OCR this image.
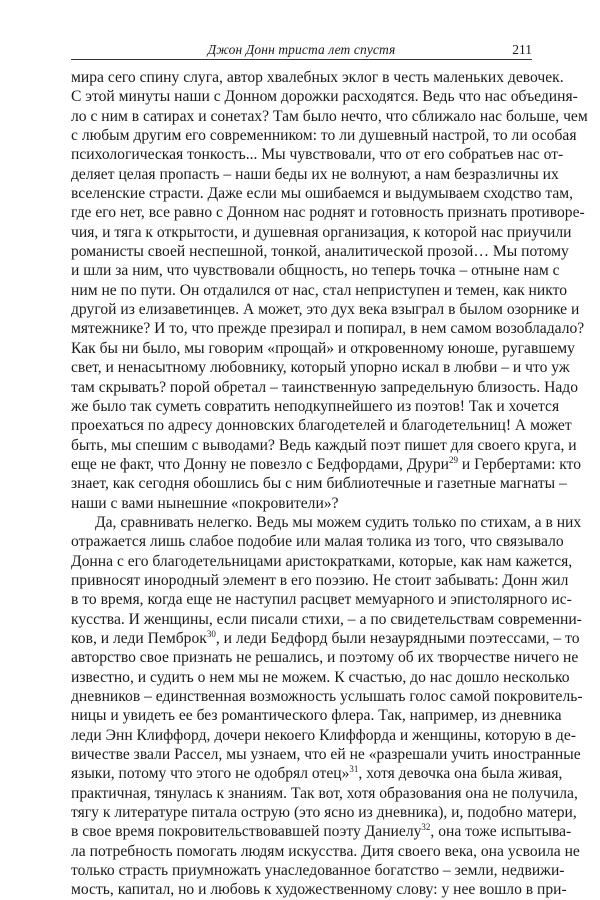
Джон Донн триста лет спустя	211
мира сего спину слуга, автор хвалебных эклог в честь маленьких девочек.
С этой минуты наши с Донном дорожки расходятся. Ведь что нас объединя-
ло с ним в сатирах и сонетах? Там было нечто, что сближало нас больше, чем
с любым другим его современником: то ли душевный настрой, то ли особая
психологическая тонкость... Мы чувствовали, что от его собратьев нас от-
деляет целая пропасть – наши беды их не волнуют, а нам безразличны их
вселенские страсти. Даже если мы ошибаемся и выдумываем сходство там,
где его нет, все равно с Донном нас роднят и готовность признать противоре-
чия, и тяга к открытости, и душевная организация, к которой нас приучили
романисты своей неспешной, тонкой, аналитической прозой… Мы потому
и шли за ним, что чувствовали общность, но теперь точка – отныне нам с
ним не по пути. Он отдалился от нас, стал неприступен и темен, как никто
другой из елизаветинцев. А может, это дух века взыграл в былом озорнике и
мятежнике? И то, что прежде презирал и попирал, в нем самом возобладало?
Как бы ни было, мы говорим «прощай» и откровенному юноше, ругавшему
свет, и ненасытному любовнику, который упорно искал в любви – и что уж
там скрывать? порой обретал – таинственную запредельную близость. Надо
же было так суметь совратить неподкупнейшего из поэтов! Так и хочется
проехаться по адресу донновских благодетелей и благодетельниц! А может
быть, мы спешим с выводами? Ведь каждый поэт пишет для своего круга, и
еще не факт, что Донну не повезло с Бедфордами, Друри$^{29}$ и Гербертами: кто
знает, как сегодня обошлись бы с ним библиотечные и газетные магнаты –
наши с вами нынешние «покровители»?
Да, сравнивать нелегко. Ведь мы можем судить только по стихам, а в них
отражается лишь слабое подобие или малая толика из того, что связывало
Донна с его благодетельницами аристократками, которые, как нам кажется,
привносят инородный элемент в его поэзию. Не стоит забывать: Донн жил
в то время, когда еще не наступил расцвет мемуарного и эпистолярного ис-
кусства. И женщины, если писали стихи, – а по свидетельствам современни-
ков, и леди Пемброк$^{30}$, и леди Бедфорд были незаурядными поэтессами, – то
авторство свое признать не решались, и поэтому об их творчестве ничего не
известно, и судить о нем мы не можем. К счастью, до нас дошло несколько
дневников – единственная возможность услышать голос самой покровитель-
ницы и увидеть ее без романтического флера. Так, например, из дневника
леди Энн Клиффорд, дочери некоего Клиффорда и женщины, которую в де-
вичестве звали Рассел, мы узнаем, что ей не «разрешали учить иностранные
языки, потому что этого не одобрял отец»$^{31}$, хотя девочка она была живая,
практичная, тянулась к знаниям. Так вот, хотя образования она не получила,
тягу к литературе питала острую (это ясно из дневника), и, подобно матери,
в свое время покровительствовавшей поэту Даниелу$^{32}$, она тоже испытыва-
ла потребность помогать людям искусства. Дитя своего века, она усвоила не
только страсть приумножать унаследованное богатство – земли, недвижи-
мость, капитал, но и любовь к художественному слову: у нее вошло в при-
